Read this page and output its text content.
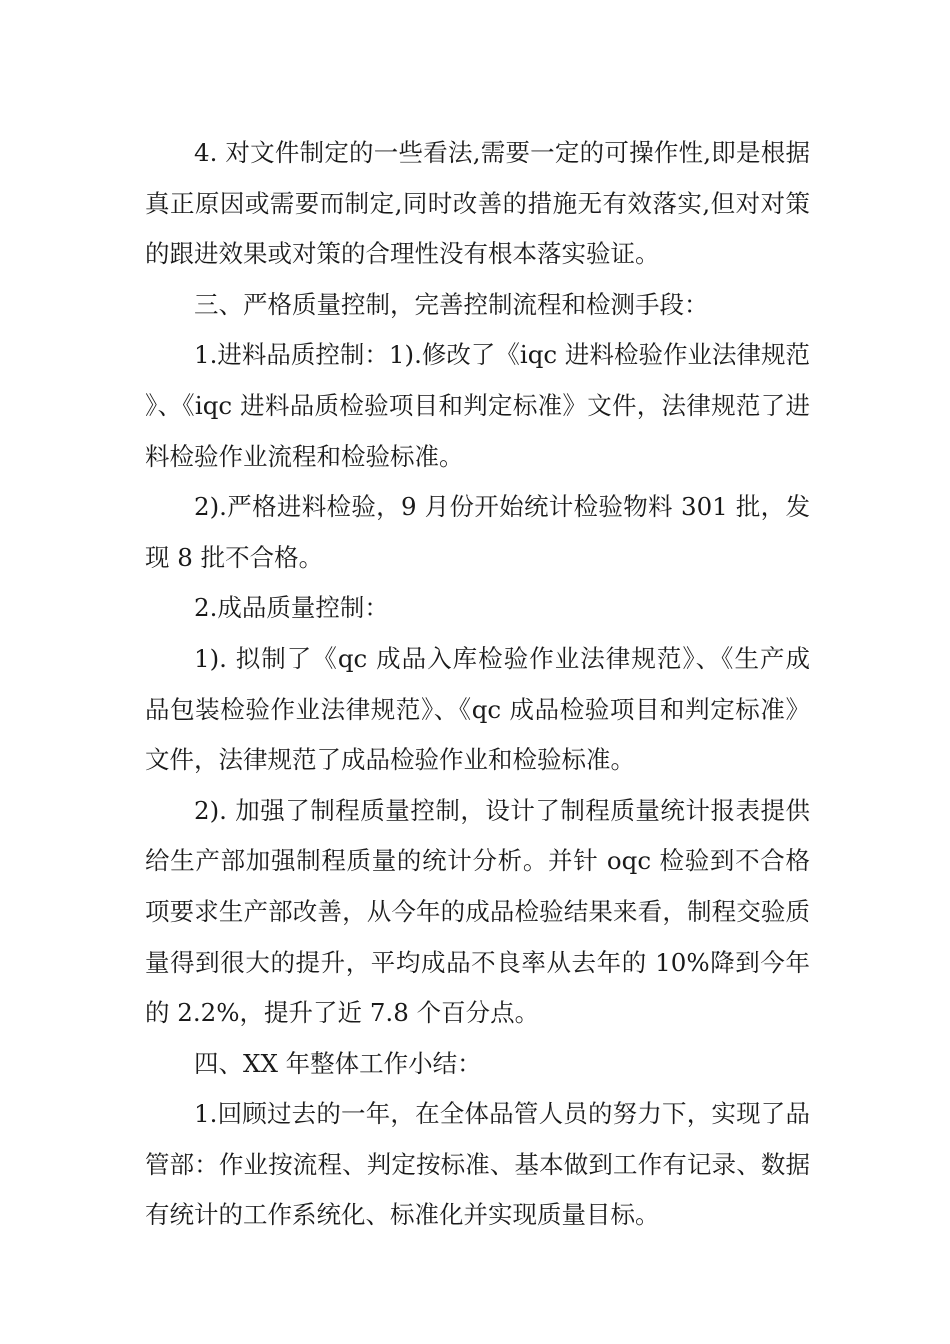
4. 对文件制定的一些看法,需要一定的可操作性,即是根据真正原因或需要而制定,同时改善的措施无有效落实,但对对策的跟进效果或对策的合理性没有根本落实验证。

三、严格质量控制，完善控制流程和检测手段：

1.进料品质控制：1).修改了《iqc 进料检验作业法律规范》、《iqc 进料品质检验项目和判定标准》文件，法律规范了进料检验作业流程和检验标准。

2).严格进料检验，9 月份开始统计检验物料 301 批，发现 8 批不合格。

2.成品质量控制：

1). 拟制了《qc 成品入库检验作业法律规范》、《生产成品包装检验作业法律规范》、《qc 成品检验项目和判定标准》文件，法律规范了成品检验作业和检验标准。

2). 加强了制程质量控制，设计了制程质量统计报表提供给生产部加强制程质量的统计分析。并针 oqc 检验到不合格项要求生产部改善，从今年的成品检验结果来看，制程交验质量得到很大的提升，平均成品不良率从去年的 10%降到今年的 2.2%，提升了近 7.8 个百分点。

四、XX 年整体工作小结：

1.回顾过去的一年，在全体品管人员的努力下，实现了品管部：作业按流程、判定按标准、基本做到工作有记录、数据有统计的工作系统化、标准化并实现质量目标。
